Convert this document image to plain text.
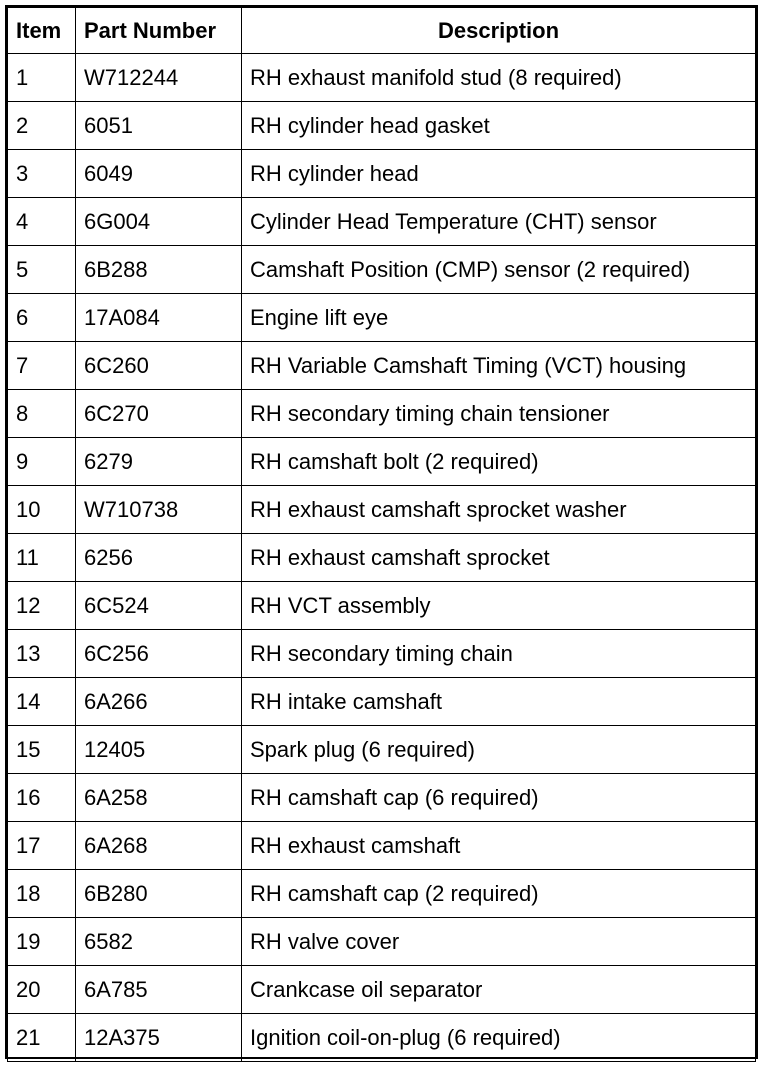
Item	Part Number	Description
1	W712244	RH exhaust manifold stud (8 required)
2	6051	RH cylinder head gasket
3	6049	RH cylinder head
4	6G004	Cylinder Head Temperature (CHT) sensor
5	6B288	Camshaft Position (CMP) sensor (2 required)
6	17A084	Engine lift eye
7	6C260	RH Variable Camshaft Timing (VCT) housing
8	6C270	RH secondary timing chain tensioner
9	6279	RH camshaft bolt (2 required)
10	W710738	RH exhaust camshaft sprocket washer
11	6256	RH exhaust camshaft sprocket
12	6C524	RH VCT assembly
13	6C256	RH secondary timing chain
14	6A266	RH intake camshaft
15	12405	Spark plug (6 required)
16	6A258	RH camshaft cap (6 required)
17	6A268	RH exhaust camshaft
18	6B280	RH camshaft cap (2 required)
19	6582	RH valve cover
20	6A785	Crankcase oil separator
21	12A375	Ignition coil-on-plug (6 required)
